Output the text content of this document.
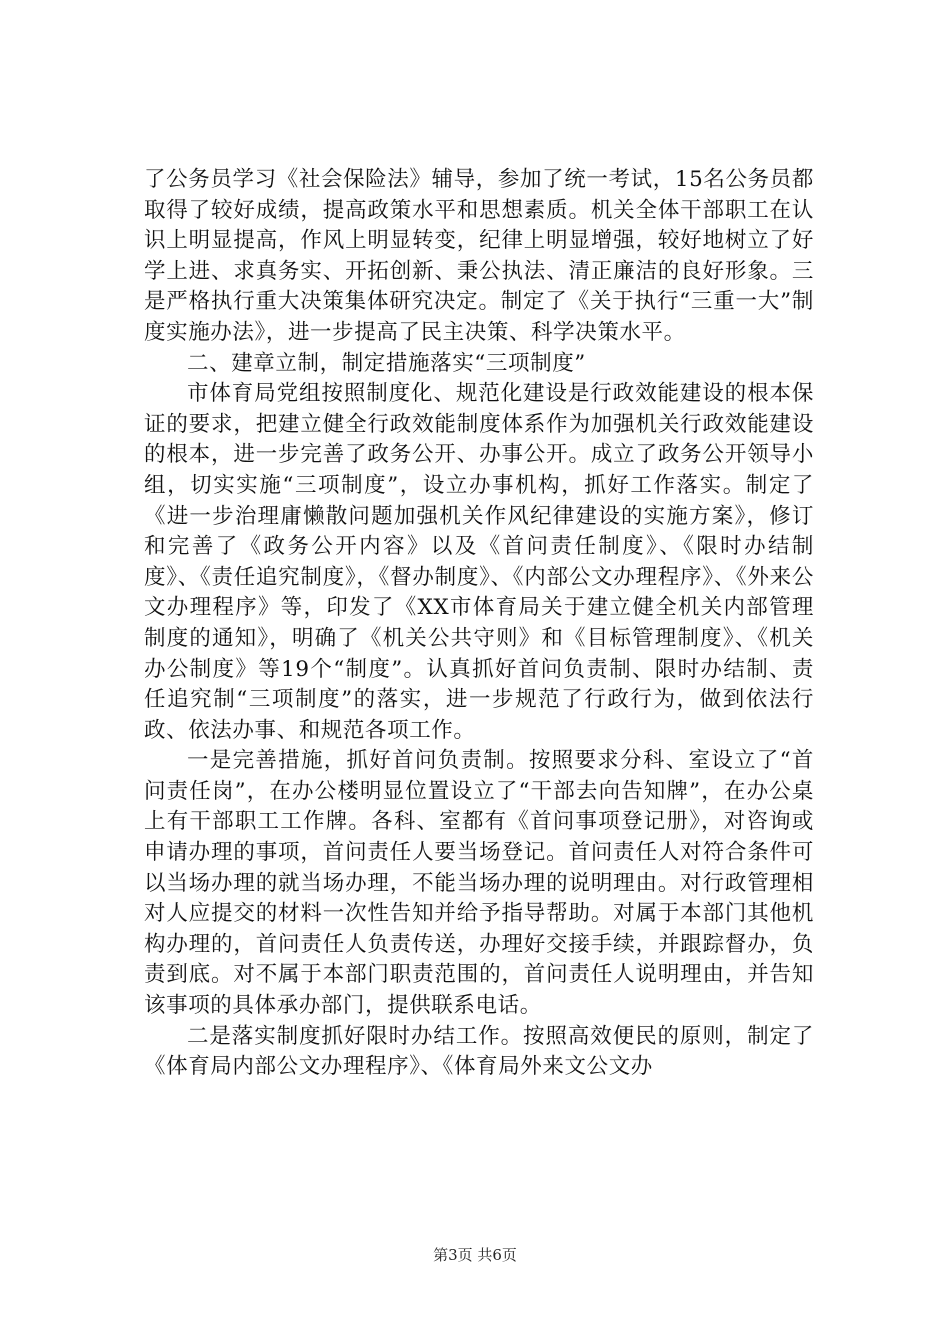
了公务员学习《社会保险法》辅导，参加了统一考试，15名公务员都取得了较好成绩，提高政策水平和思想素质。机关全体干部职工在认识上明显提高，作风上明显转变，纪律上明显增强，较好地树立了好学上进、求真务实、开拓创新、秉公执法、清正廉洁的良好形象。三是严格执行重大决策集体研究决定。制定了《关于执行“三重一大”制度实施办法》，进一步提高了民主决策、科学决策水平。

二、建章立制，制定措施落实“三项制度”

市体育局党组按照制度化、规范化建设是行政效能建设的根本保证的要求，把建立健全行政效能制度体系作为加强机关行政效能建设的根本，进一步完善了政务公开、办事公开。成立了政务公开领导小组，切实实施“三项制度”，设立办事机构，抓好工作落实。制定了《进一步治理庸懒散问题加强机关作风纪律建设的实施方案》，修订和完善了《政务公开内容》以及《首问责任制度》、《限时办结制度》、《责任追究制度》，《督办制度》、《内部公文办理程序》、《外来公文办理程序》等，印发了《XX市体育局关于建立健全机关内部管理制度的通知》，明确了《机关公共守则》和《目标管理制度》、《机关办公制度》等19个“制度”。认真抓好首问负责制、限时办结制、责任追究制“三项制度”的落实，进一步规范了行政行为，做到依法行政、依法办事、和规范各项工作。

一是完善措施，抓好首问负责制。按照要求分科、室设立了“首问责任岗”，在办公楼明显位置设立了“干部去向告知牌”，在办公桌上有干部职工工作牌。各科、室都有《首问事项登记册》，对咨询或申请办理的事项，首问责任人要当场登记。首问责任人对符合条件可以当场办理的就当场办理，不能当场办理的说明理由。对行政管理相对人应提交的材料一次性告知并给予指导帮助。对属于本部门其他机构办理的，首问责任人负责传送，办理好交接手续，并跟踪督办，负责到底。对不属于本部门职责范围的，首问责任人说明理由，并告知该事项的具体承办部门，提供联系电话。

二是落实制度抓好限时办结工作。按照高效便民的原则，制定了《体育局内部公文办理程序》、《体育局外来文公文办

第3页 共6页
